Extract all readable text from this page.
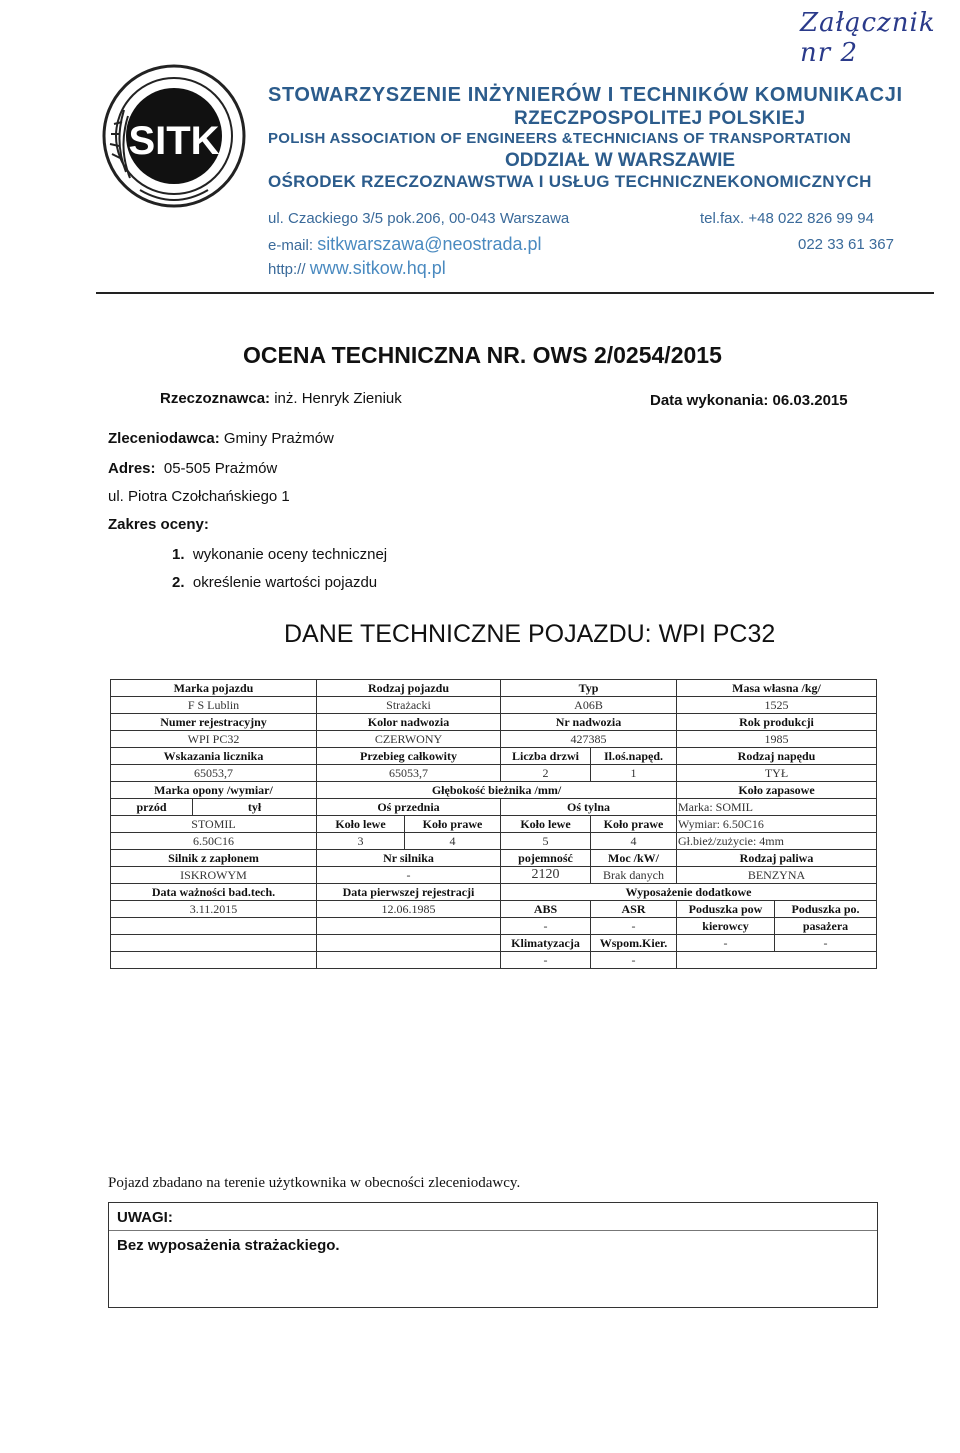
Załącznik nr 2
SITK
STOWARZYSZENIE INŻYNIERÓW I TECHNIKÓW KOMUNIKACJI
RZECZPOSPOLITEJ POLSKIEJ
POLISH ASSOCIATION OF ENGINEERS &TECHNICIANS OF TRANSPORTATION
ODDZIAŁ W WARSZAWIE
OŚRODEK RZECZOZNAWSTWA I USŁUG TECHNICZNEKONOMICZNYCH
ul. Czackiego 3/5 pok.206, 00-043 Warszawa
e-mail: sitkwarszawa@neostrada.pl
http:// www.sitkow.hq.pl
tel.fax. +48 022 826 99 94
022 33 61 367
OCENA TECHNICZNA NR. OWS 2/0254/2015
Rzeczoznawca: inż. Henryk Zieniuk	Data wykonania: 06.03.2015
Zleceniodawca: Gminy Prażmów
Adres: 05-505 Prażmów
ul. Piotra Czołchańskiego 1
Zakres oceny:
1. wykonanie oceny technicznej
2. określenie wartości pojazdu
DANE TECHNICZNE POJAZDU: WPI PC32

Marka pojazdu		Rodzaj pojazdu		Typ		Masa własna /kg/	
F S Lublin		Strażacki		A06B		1525	
Numer rejestracyjny		Kolor nadwozia		Nr nadwozia		Rok produkcji	
WPI PC32		CZERWONY		427385		1985	
Wskazania licznika		Przebieg całkowity		Liczba drzwi	Il.oś.napęd.	Rodzaj napędu	
65053,7		65053,7		2	1	TYŁ	
Marka opony /wymiar/		Głębokość bieżnika /mm/				Koło zapasowe	
przód	tył	Oś przednia		Oś tylna		Marka: SOMIL	
STOMIL		Koło lewe	Koło prawe	Koło lewe	Koło prawe	Wymiar: 6.50C16	
6.50C16		3	4	5	4	Gł.bież/zużycie: 4mm	
Silnik z zapłonem		Nr silnika		pojemność	Moc /kW/	Rodzaj paliwa	
ISKROWYM		-		2120	Brak danych	BENZYNA	
Data ważności bad.tech.		Data pierwszej rejestracji		Wyposażenie dodatkowe			
3.11.2015		12.06.1985		ABS	ASR	Poduszka pow	Poduszka po.
				-	-	kierowcy	pasażera
				Klimatyzacja	Wspom.Kier.	-	-
				-	-		
Pojazd zbadano na terenie użytkownika w obecności zleceniodawcy.
UWAGI:
Bez wyposażenia strażackiego.
